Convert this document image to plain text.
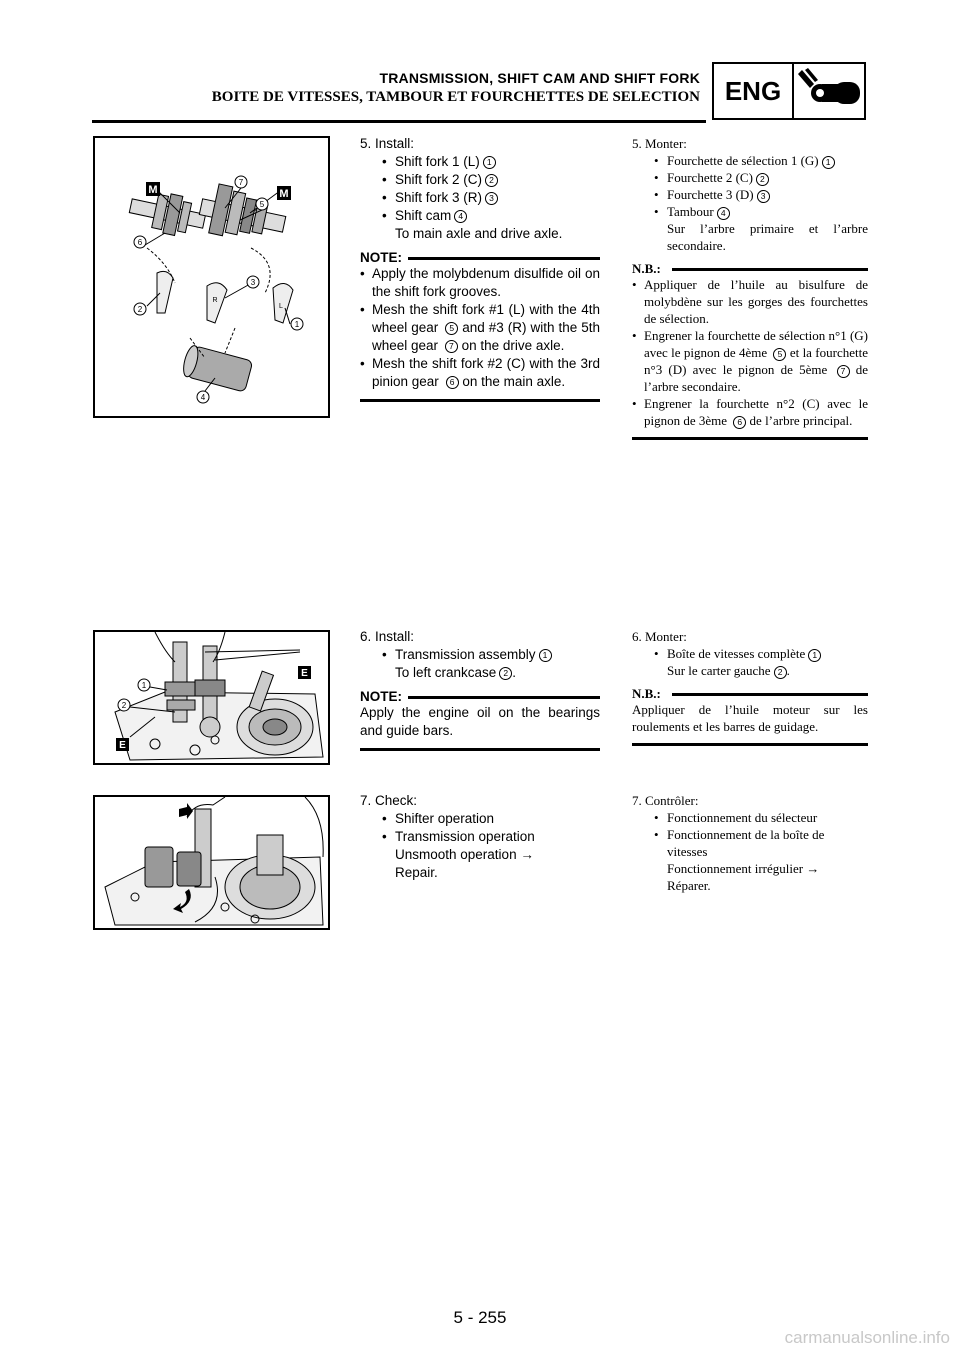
TRANSMISSION, SHIFT CAM AND SHIFT FORK
BOITE DE VITESSES, TAMBOUR ET FOURCHETTES DE SELECTION ENG
M	M
7
5
6
3
2
1
4
R
L
5. Install:
• Shift fork 1 (L) 1
• Shift fork 2 (C) 2
• Shift fork 3 (R) 3
• Shift cam 4
To main axle and drive axle.
NOTE:
• Apply the molybdenum disulfide oil on the shift fork grooves.
• Mesh the shift fork #1 (L) with the 4th wheel gear 5 and #3 (R) with the 5th wheel gear 7 on the drive axle.
• Mesh the shift fork #2 (C) with the 3rd pinion gear 6 on the main axle.
5. Monter:
• Fourchette de sélection 1 (G) 1
• Fourchette 2 (C) 2
• Fourchette 3 (D) 3
• Tambour 4
Sur l’arbre primaire et l’arbre secondaire.
N.B.:
• Appliquer de l’huile au bisulfure de molybdène sur les gorges des fourchettes de sélection.
• Engrener la fourchette de sélection n°1 (G) avec le pignon de 4ème 5 et la fourchette n°3 (D) avec le pignon de 5ème 7 de l’arbre secondaire.
• Engrener la fourchette n°2 (C) avec le pignon de 3ème 6 de l’arbre principal.
1
2
E
E
6. Install:
• Transmission assembly 1
To left crankcase 2 .
NOTE:
Apply the engine oil on the bearings and guide bars.
6. Monter:
• Boîte de vitesses complète 1
Sur le carter gauche 2 .
N.B.:
Appliquer de l’huile moteur sur les roulements et les barres de guidage.
7. Check:
• Shifter operation
• Transmission operation
Unsmooth operation →
Repair.
7. Contrôler:
• Fonctionnement du sélecteur
• Fonctionnement de la boîte de vitesses
Fonctionnement irrégulier →
Réparer.
5 - 255
carmanualsonline.info
